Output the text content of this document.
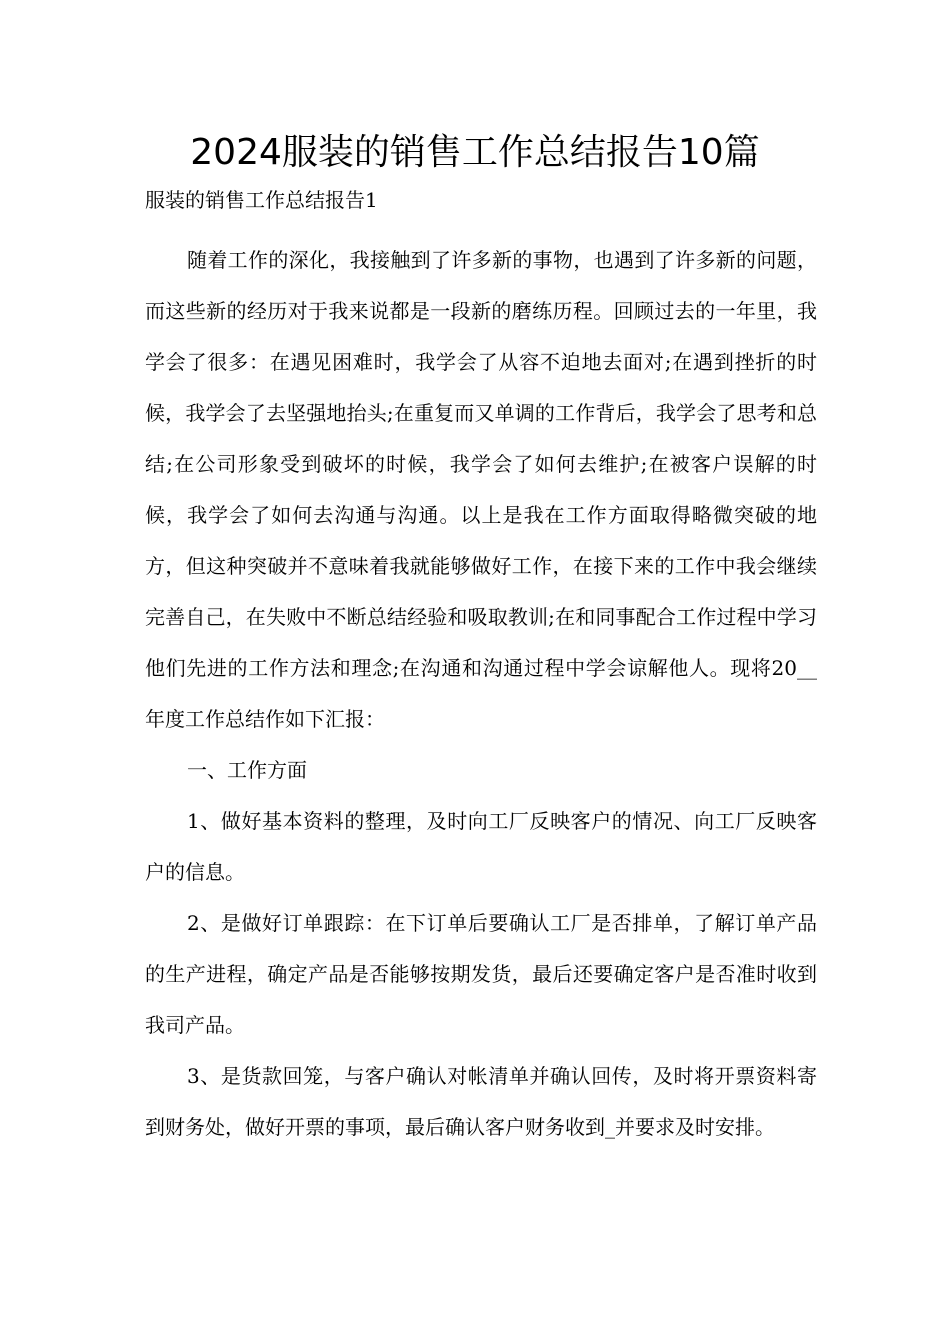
2024服装的销售工作总结报告10篇

服装的销售工作总结报告1

随着工作的深化，我接触到了许多新的事物，也遇到了许多新的问题，而这些新的经历对于我来说都是一段新的磨练历程。回顾过去的一年里，我学会了很多：在遇见困难时，我学会了从容不迫地去面对;在遇到挫折的时候，我学会了去坚强地抬头;在重复而又单调的工作背后，我学会了思考和总结;在公司形象受到破坏的时候，我学会了如何去维护;在被客户误解的时候，我学会了如何去沟通与沟通。以上是我在工作方面取得略微突破的地方，但这种突破并不意味着我就能够做好工作，在接下来的工作中我会继续完善自己，在失败中不断总结经验和吸取教训;在和同事配合工作过程中学习他们先进的工作方法和理念;在沟通和沟通过程中学会谅解他人。现将20__年度工作总结作如下汇报：

一、工作方面

1、做好基本资料的整理，及时向工厂反映客户的情况、向工厂反映客户的信息。

2、是做好订单跟踪：在下订单后要确认工厂是否排单，了解订单产品的生产进程，确定产品是否能够按期发货，最后还要确定客户是否准时收到我司产品。

3、是货款回笼，与客户确认对帐清单并确认回传，及时将开票资料寄到财务处，做好开票的事项，最后确认客户财务收到_并要求及时安排。
